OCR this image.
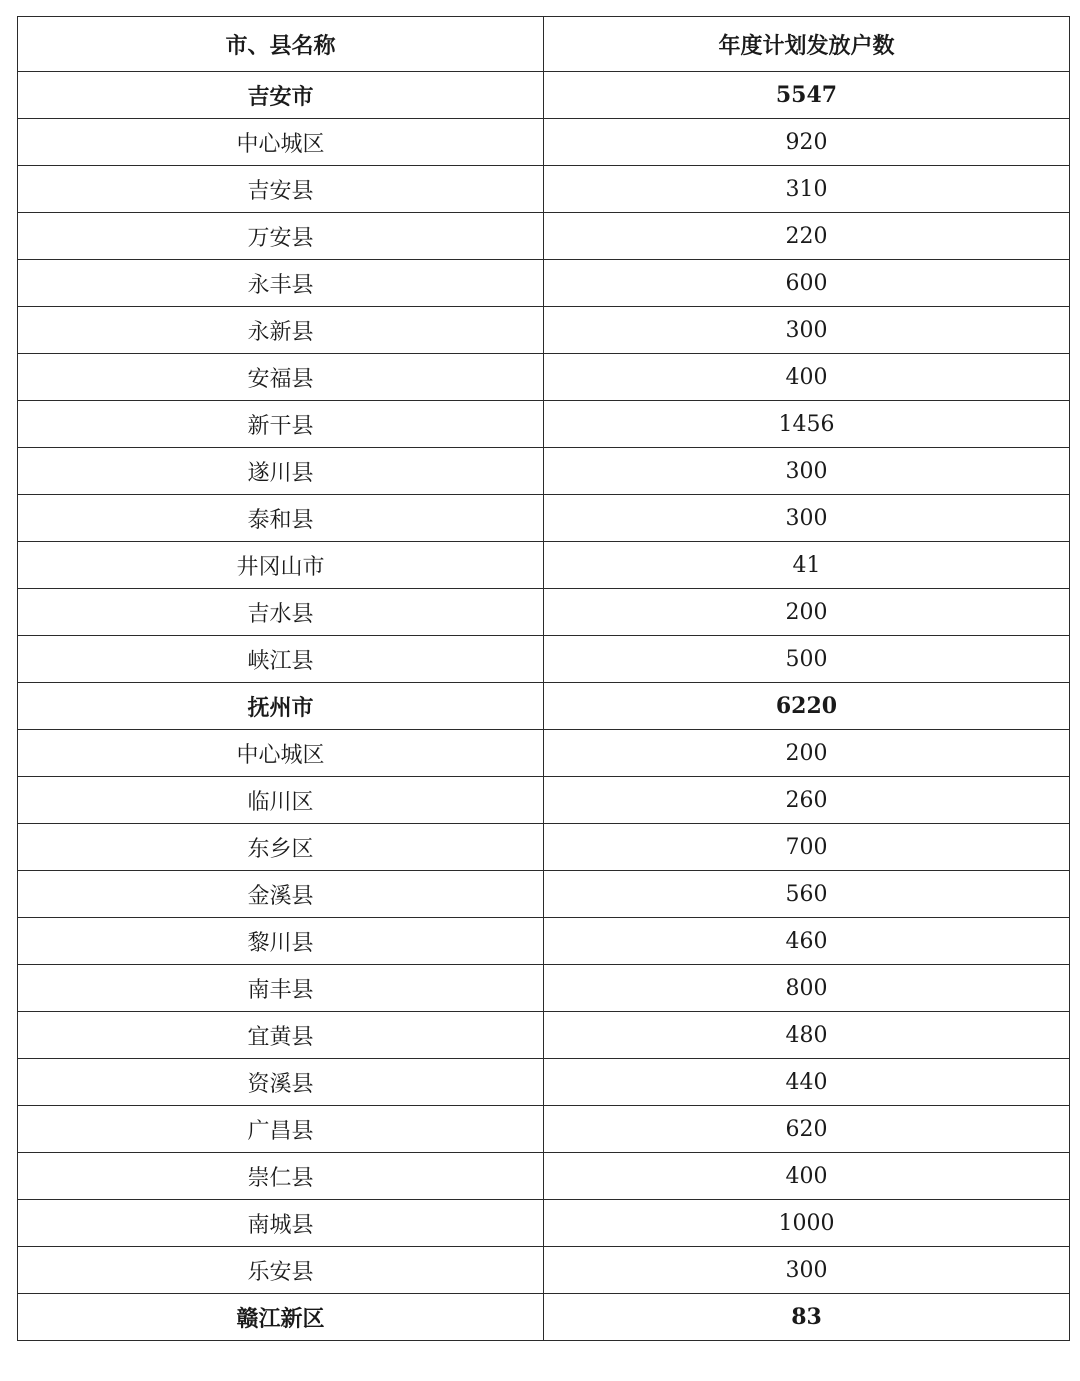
市、县名称	年度计划发放户数
吉安市	5547
中心城区	920
吉安县	310
万安县	220
永丰县	600
永新县	300
安福县	400
新干县	1456
遂川县	300
泰和县	300
井冈山市	41
吉水县	200
峡江县	500
抚州市	6220
中心城区	200
临川区	260
东乡区	700
金溪县	560
黎川县	460
南丰县	800
宜黄县	480
资溪县	440
广昌县	620
崇仁县	400
南城县	1000
乐安县	300
赣江新区	83
